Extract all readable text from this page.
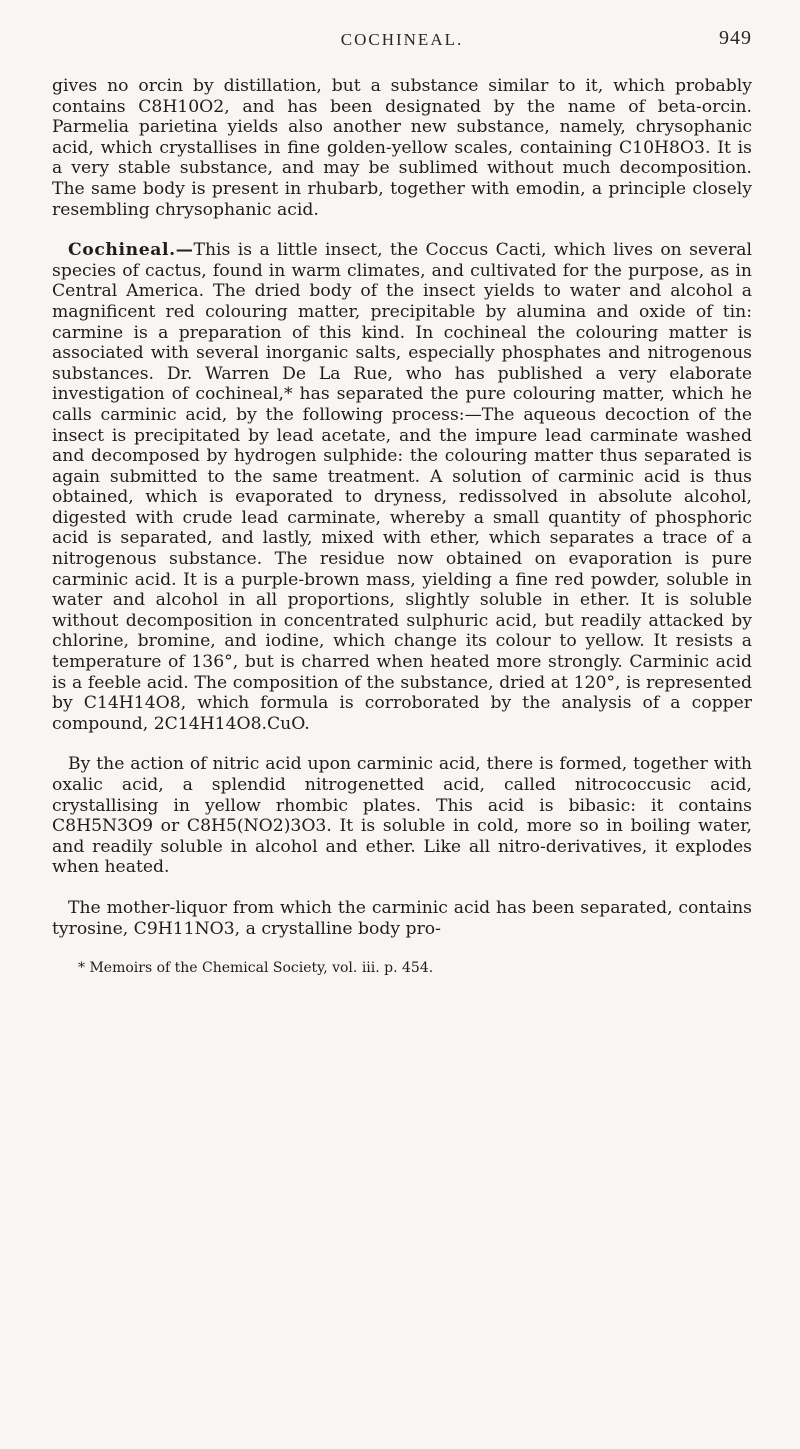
COCHINEAL.	949

gives no orcin by distillation, but a substance similar to it, which probably contains C8H10O2, and has been designated by the name of beta-orcin. Parmelia parietina yields also another new substance, namely, chrysophanic acid, which crystallises in fine golden-yellow scales, containing C10H8O3. It is a very stable substance, and may be sublimed without much decomposition. The same body is present in rhubarb, together with emodin, a principle closely resembling chrysophanic acid.

Cochineal.—This is a little insect, the Coccus Cacti, which lives on several species of cactus, found in warm climates, and cultivated for the purpose, as in Central America. The dried body of the insect yields to water and alcohol a magnificent red colouring matter, precipitable by alumina and oxide of tin: carmine is a preparation of this kind. In cochineal the colouring matter is associated with several inorganic salts, especially phosphates and nitrogenous substances. Dr. Warren De La Rue, who has published a very elaborate investigation of cochineal,* has separated the pure colouring matter, which he calls carminic acid, by the following process:—The aqueous decoction of the insect is precipitated by lead acetate, and the impure lead carminate washed and decomposed by hydrogen sulphide: the colouring matter thus separated is again submitted to the same treatment. A solution of carminic acid is thus obtained, which is evaporated to dryness, redissolved in absolute alcohol, digested with crude lead carminate, whereby a small quantity of phosphoric acid is separated, and lastly, mixed with ether, which separates a trace of a nitrogenous substance. The residue now obtained on evaporation is pure carminic acid. It is a purple-brown mass, yielding a fine red powder, soluble in water and alcohol in all proportions, slightly soluble in ether. It is soluble without decomposition in concentrated sulphuric acid, but readily attacked by chlorine, bromine, and iodine, which change its colour to yellow. It resists a temperature of 136°, but is charred when heated more strongly. Carminic acid is a feeble acid. The composition of the substance, dried at 120°, is represented by C14H14O8, which formula is corroborated by the analysis of a copper compound, 2C14H14O8.CuO.

By the action of nitric acid upon carminic acid, there is formed, together with oxalic acid, a splendid nitrogenetted acid, called nitrococcusic acid, crystallising in yellow rhombic plates. This acid is bibasic: it contains C8H5N3O9 or C8H5(NO2)3O3. It is soluble in cold, more so in boiling water, and readily soluble in alcohol and ether. Like all nitro-derivatives, it explodes when heated.

The mother-liquor from which the carminic acid has been separated, contains tyrosine, C9H11NO3, a crystalline body pro-

* Memoirs of the Chemical Society, vol. iii. p. 454.
